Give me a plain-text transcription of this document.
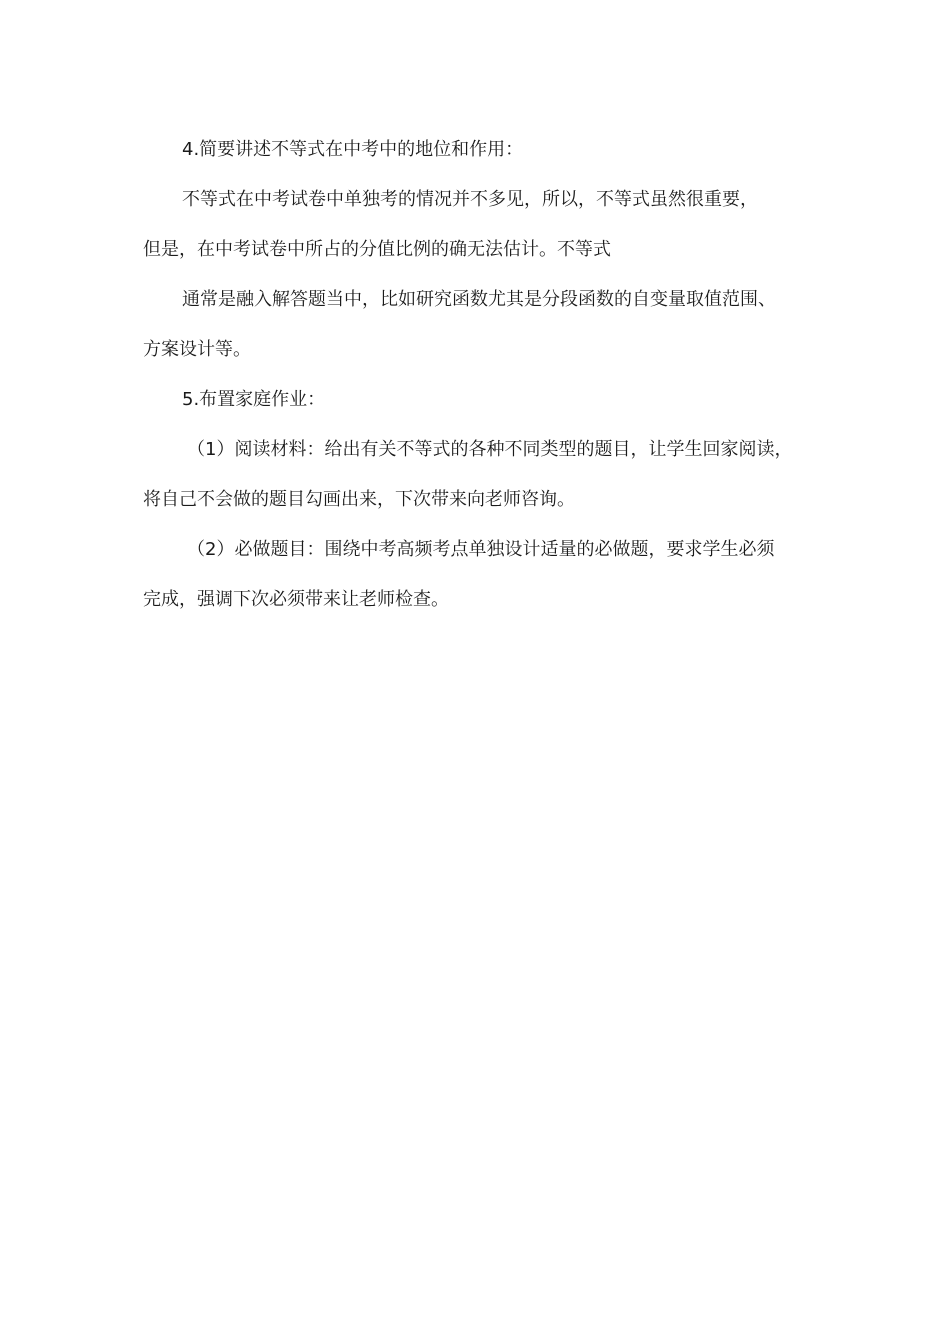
4.简要讲述不等式在中考中的地位和作用：
不等式在中考试卷中单独考的情况并不多见，所以，不等式虽然很重要，
但是，在中考试卷中所占的分值比例的确无法估计。不等式
通常是融入解答题当中，比如研究函数尤其是分段函数的自变量取值范围、
方案设计等。
5.布置家庭作业：
（1）阅读材料：给出有关不等式的各种不同类型的题目，让学生回家阅读，
将自己不会做的题目勾画出来，下次带来向老师咨询。
（2）必做题目：围绕中考高频考点单独设计适量的必做题，要求学生必须
完成，强调下次必须带来让老师检查。
